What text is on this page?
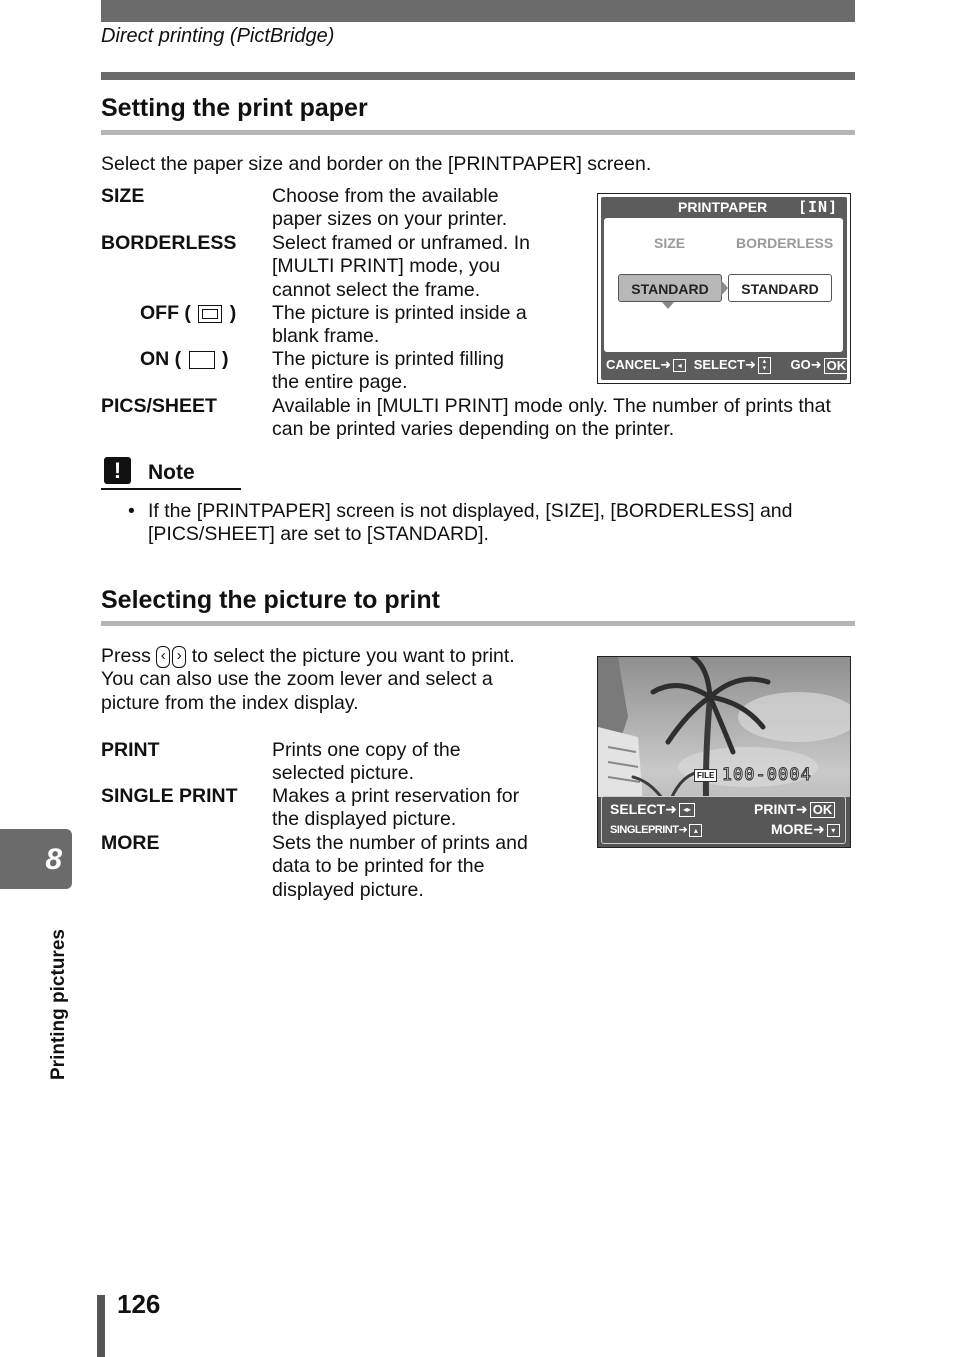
Direct printing (PictBridge)
Setting the print paper
Select the paper size and border on the [PRINTPAPER] screen.
SIZE	Choose from the available
paper sizes on your printer.
BORDERLESS Select framed or unframed. In
[MULTI PRINT] mode, you
cannot select the frame.
OFF ( ) The picture is printed inside a
blank frame.
ON ( ) The picture is printed filling
the entire page.
PICS/SHEET	Available in [MULTI PRINT] mode only. The number of prints that
can be printed varies depending on the printer.
PRINTPAPER [IN]
SIZE	BORDERLESS
STANDARD	STANDARD
CANCEL➜ ◂ SELECT➜ ▴
▾ GO➜ OK
!	Note
• If the [PRINTPAPER] screen is not displayed, [SIZE], [BORDERLESS] and
[PICS/SHEET] are set to [STANDARD].
Selecting the picture to print
Press ‹ › to select the picture you want to print.
You can also use the zoom lever and select a
picture from the index display.
PRINT	Prints one copy of the
selected picture.
SINGLE PRINT Makes a print reservation for
the displayed picture.
MORE	Sets the number of prints and
data to be printed for the
displayed picture.
FILE 100-0004
SELECT➜ ◂▸	PRINT➜ OK
SINGLEPRINT➜ ▴	MORE➜ ▾
8
Printing pictures
126
